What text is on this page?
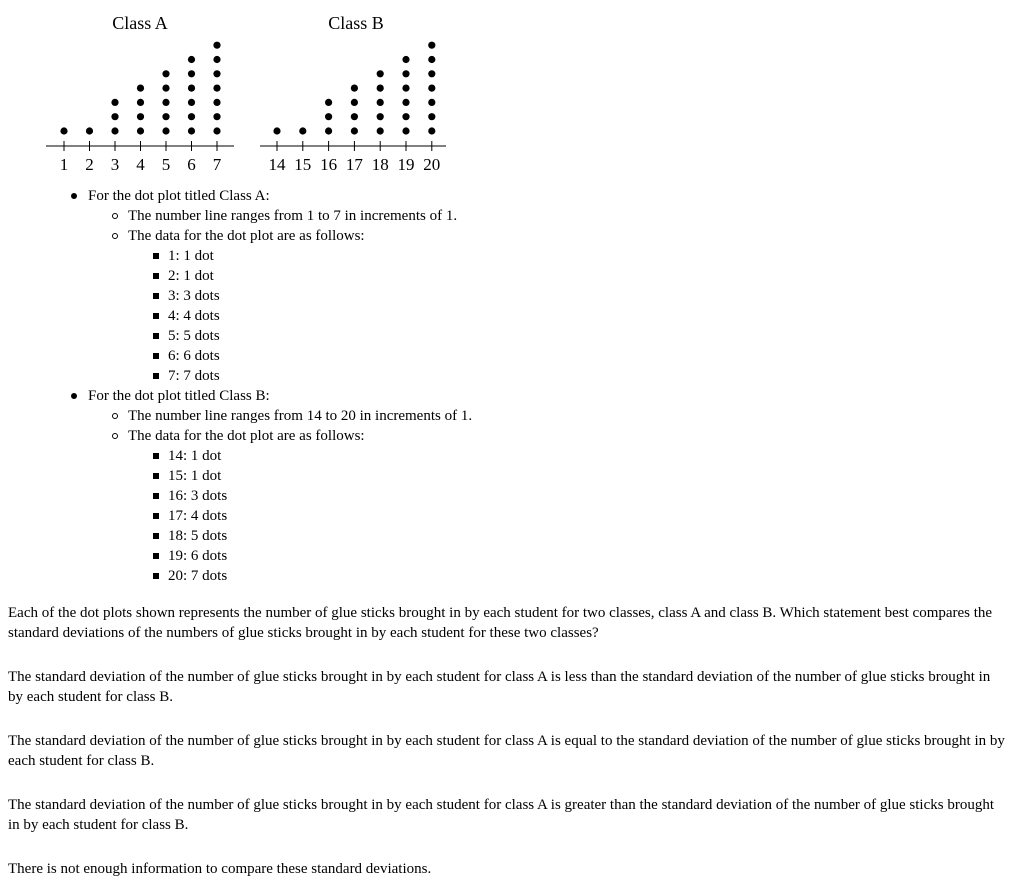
Class A
1 2 3 4 5 6 7
Class B
14 15 16 17 18 19 20
For the dot plot titled Class A:
The number line ranges from 1 to 7 in increments of 1.
The data for the dot plot are as follows:
1: 1 dot
2: 1 dot
3: 3 dots
4: 4 dots
5: 5 dots
6: 6 dots
7: 7 dots
For the dot plot titled Class B:
The number line ranges from 14 to 20 in increments of 1.
The data for the dot plot are as follows:
14: 1 dot
15: 1 dot
16: 3 dots
17: 4 dots
18: 5 dots
19: 6 dots
20: 7 dots

Each of the dot plots shown represents the number of glue sticks brought in by each student for two classes, class A and class B. Which statement best compares the standard deviations of the numbers of glue sticks brought in by each student for these two classes?

The standard deviation of the number of glue sticks brought in by each student for class A is less than the standard deviation of the number of glue sticks brought in by each student for class B.

The standard deviation of the number of glue sticks brought in by each student for class A is equal to the standard deviation of the number of glue sticks brought in by each student for class B.

The standard deviation of the number of glue sticks brought in by each student for class A is greater than the standard deviation of the number of glue sticks brought in by each student for class B.

There is not enough information to compare these standard deviations.
